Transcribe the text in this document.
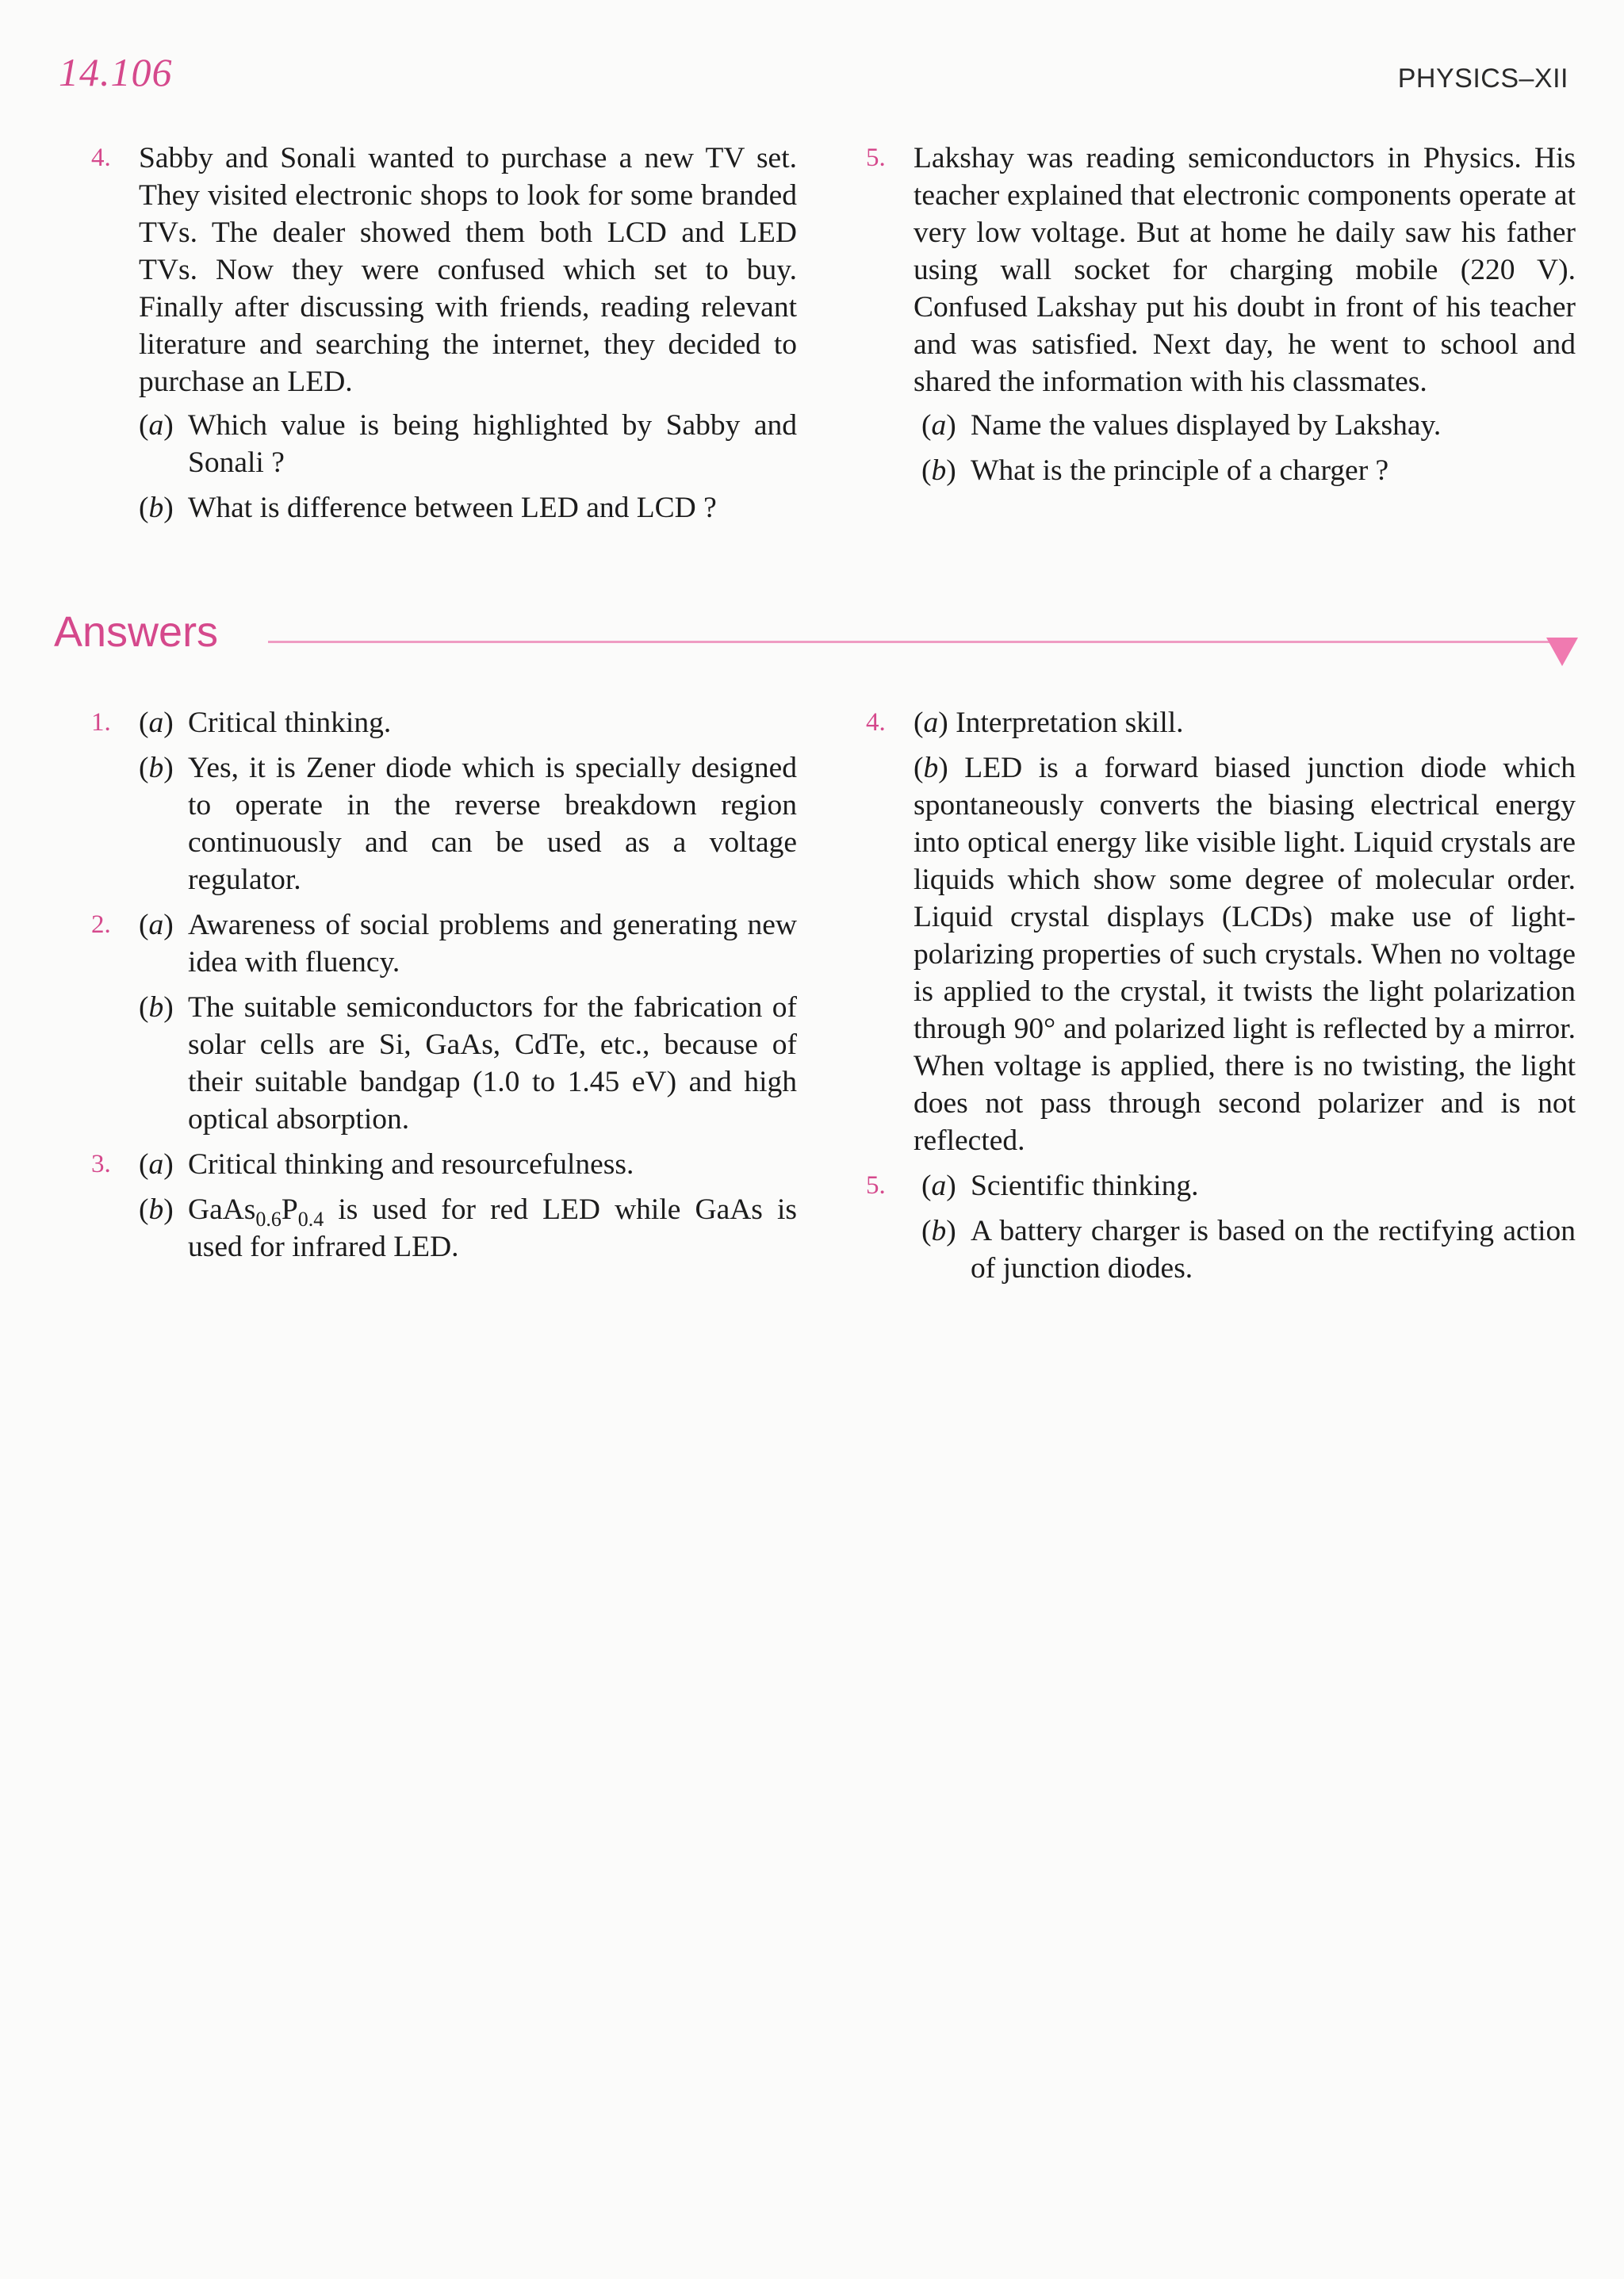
14.106	PHYSICS–XII
4. Sabby and Sonali wanted to purchase a new TV set. They visited electronic shops to look for some branded TVs. The dealer showed them both LCD and LED TVs. Now they were confused which set to buy. Finally after discussing with friends, reading relevant literature and searching the internet, they decided to purchase an LED.

(a) Which value is being highlighted by Sabby and Sonali ?
(b) What is difference between LED and LCD ?
5. Lakshay was reading semiconductors in Physics. His teacher explained that electronic components operate at very low voltage. But at home he daily saw his father using wall socket for charging mobile (220 V). Confused Lakshay put his doubt in front of his teacher and was satisfied. Next day, he went to school and shared the information with his classmates.

(a) Name the values displayed by Lakshay.
(b) What is the principle of a charger ?
Answers
1. (a) Critical thinking.
(b) Yes, it is Zener diode which is specially designed to operate in the reverse breakdown region continuously and can be used as a voltage regulator.
2. (a) Awareness of social problems and generating new idea with fluency.
(b) The suitable semiconductors for the fabrication of solar cells are Si, GaAs, CdTe, etc., because of their suitable bandgap (1.0 to 1.45 eV) and high optical absorption.
3. (a) Critical thinking and resourcefulness.
(b) $GaAs_{0.6}P_{0.4}$ is used for red LED while GaAs is used for infrared LED.
4. (a) Interpretation skill.
(b) LED is a forward biased junction diode which spontaneously converts the biasing electrical energy into optical energy like visible light. Liquid crystals are liquids which show some degree of molecular order. Liquid crystal displays (LCDs) make use of light-polarizing properties of such crystals. When no voltage is applied to the crystal, it twists the light polarization through 90° and polarized light is reflected by a mirror. When voltage is applied, there is no twisting, the light does not pass through second polarizer and is not reflected.
5. (a) Scientific thinking.
(b) A battery charger is based on the rectifying action of junction diodes.
